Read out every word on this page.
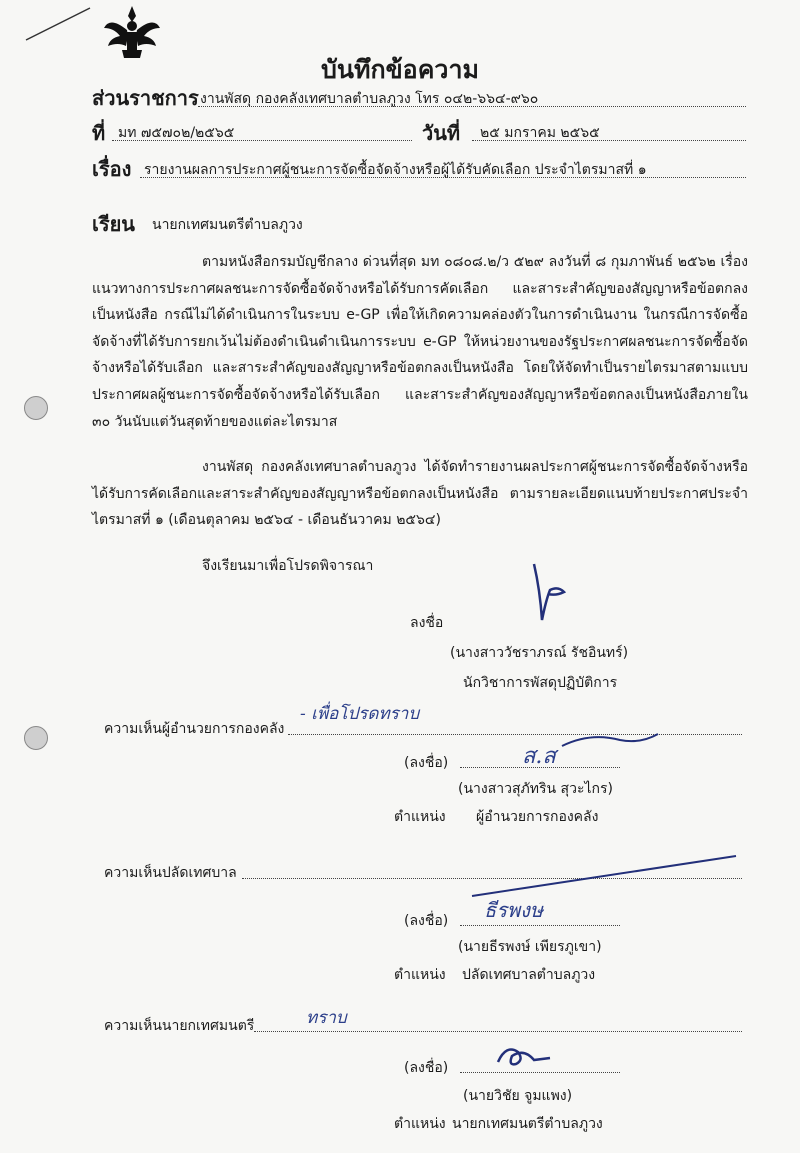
บันทึกข้อความ
ส่วนราชการ งานพัสดุ กองคลังเทศบาลตำบลภูวง โทร ๐๔๒-๖๖๔-๙๖๐
ที่ มท ๗๕๗๐๒/๒๕๖๕	วันที่ ๒๕ มกราคม ๒๕๖๕
เรื่อง รายงานผลการประกาศผู้ชนะการจัดซื้อจัดจ้างหรือผู้ได้รับคัดเลือก ประจำไตรมาสที่ ๑
เรียน นายกเทศมนตรีตำบลภูวง
ตามหนังสือกรมบัญชีกลาง ด่วนที่สุด มท ๐๘๐๘.๒/ว ๕๒๙ ลงวันที่ ๘ กุมภาพันธ์ ๒๕๖๒ เรื่องแนวทางการประกาศผลชนะการจัดซื้อจัดจ้างหรือได้รับการคัดเลือก และสาระสำคัญของสัญญาหรือข้อตกลงเป็นหนังสือ กรณีไม่ได้ดำเนินการในระบบ e-GP เพื่อให้เกิดความคล่องตัวในการดำเนินงาน ในกรณีการจัดซื้อจัดจ้างที่ได้รับการยกเว้นไม่ต้องดำเนินดำเนินการระบบ e-GP ให้หน่วยงานของรัฐประกาศผลชนะการจัดซื้อจัดจ้างหรือได้รับเลือก และสาระสำคัญของสัญญาหรือข้อตกลงเป็นหนังสือ โดยให้จัดทำเป็นรายไตรมาสตามแบบประกาศผลผู้ชนะการจัดซื้อจัดจ้างหรือได้รับเลือก และสาระสำคัญของสัญญาหรือข้อตกลงเป็นหนังสือภายใน ๓๐ วันนับแต่วันสุดท้ายของแต่ละไตรมาส
งานพัสดุ กองคลังเทศบาลตำบลภูวง ได้จัดทำรายงานผลประกาศผู้ชนะการจัดซื้อจัดจ้างหรือได้รับการคัดเลือกและสาระสำคัญของสัญญาหรือข้อตกลงเป็นหนังสือ ตามรายละเอียดแนบท้ายประกาศประจำไตรมาสที่ ๑ (เดือนตุลาคม ๒๕๖๔ - เดือนธันวาคม ๒๕๖๔)
จึงเรียนมาเพื่อโปรดพิจารณา
ลงชื่อ
(นางสาววัชราภรณ์ รัชอินทร์)
นักวิชาการพัสดุปฏิบัติการ
ความเห็นผู้อำนวยการกองคลัง
- เพื่อโปรดทราบ
(ลงชื่อ)	ส.ส
(นางสาวสุภัทริน สุวะไกร)
ตำแหน่ง ผู้อำนวยการกองคลัง
ความเห็นปลัดเทศบาล
(ลงชื่อ) ธีรพงษ
(นายธีรพงษ์ เพียรภูเขา)
ตำแหน่ง ปลัดเทศบาลตำบลภูวง
ความเห็นนายกเทศมนตรี	ทราบ
(ลงชื่อ)
(นายวิชัย จูมแพง)
ตำแหน่ง นายกเทศมนตรีตำบลภูวง
